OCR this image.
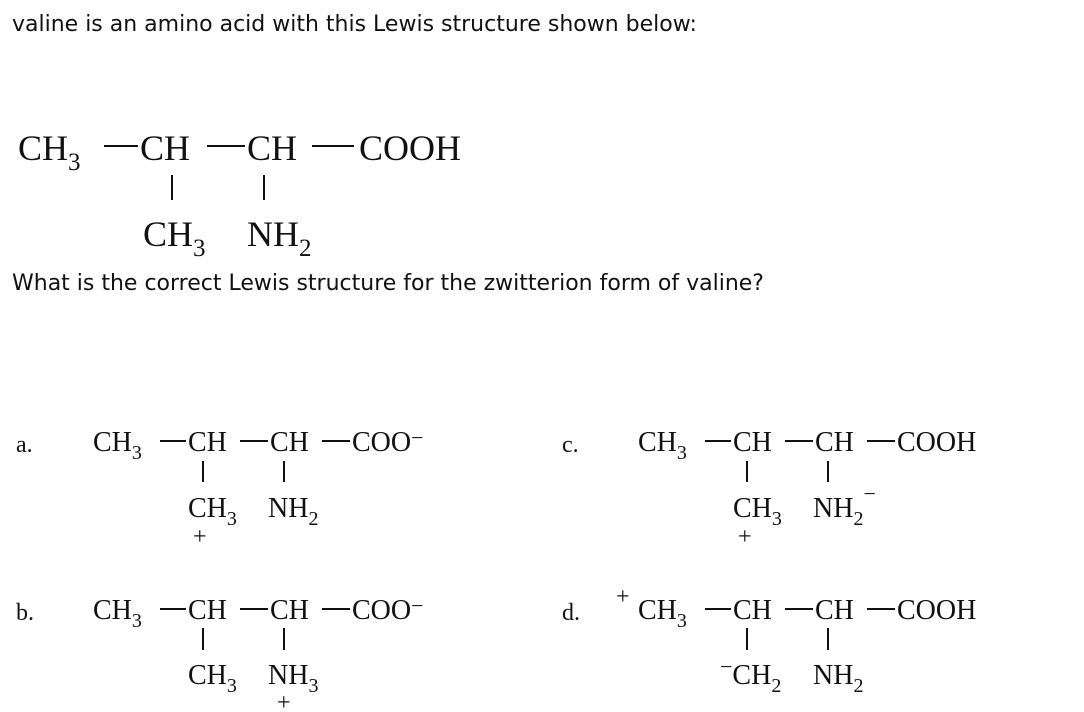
valine is an amino acid with this Lewis structure shown below:
What is the correct Lewis structure for the zwitterion form of valine?
$CH_3$ CH CH COOH
$CH_3$ $NH_2$
a. $CH_3$ CH CH COO−
$CH_3$ $NH_2$
+
b. $CH_3$ CH CH COO−
$CH_3$ $NH_3$
+
c. $CH_3$ CH CH COOH
$CH_3$ $NH_2^-$
+
d.
+ $CH_3$ CH CH COOH
$^-CH_2$ $NH_2$
